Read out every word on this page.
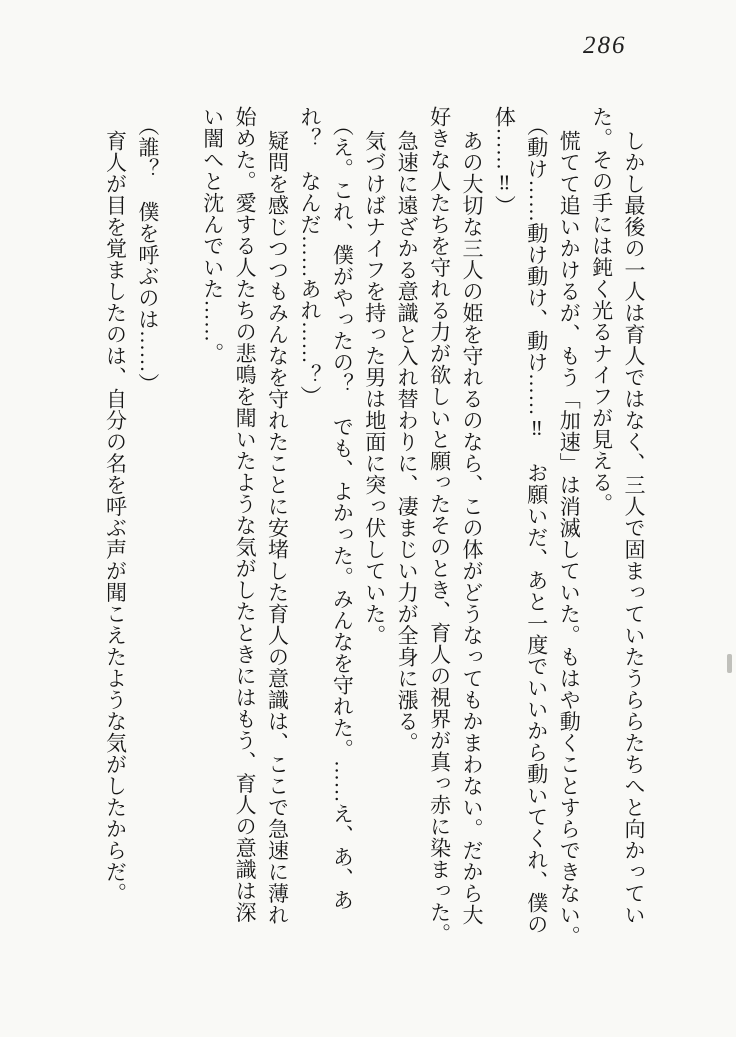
286
しかし最後の一人は育人ではなく、三人で固まっていたうららたちへと向かってい
た。その手には鈍く光るナイフが見える。
慌てて追いかけるが、もう「加速」は消滅していた。もはや動くことすらできない。
（動け……動け動け、動け……‼　お願いだ、あと一度でいいから動いてくれ、僕の
体……‼）
あの大切な三人の姫を守れるのなら、この体がどうなってもかまわない。だから大
好きな人たちを守れる力が欲しいと願ったそのとき、育人の視界が真っ赤に染まった。
急速に遠ざかる意識と入れ替わりに、凄まじい力が全身に漲る。
気づけばナイフを持った男は地面に突っ伏していた。
（え。これ、僕がやったの？　でも、よかった。みんなを守れた。……え、あ、あ
れ？　なんだ……あれ……？）
疑問を感じつつもみんなを守れたことに安堵した育人の意識は、ここで急速に薄れ
始めた。愛する人たちの悲鳴を聞いたような気がしたときにはもう、育人の意識は深
い闇へと沈んでいた……。
（誰？　僕を呼ぶのは……）
育人が目を覚ましたのは、自分の名を呼ぶ声が聞こえたような気がしたからだ。
